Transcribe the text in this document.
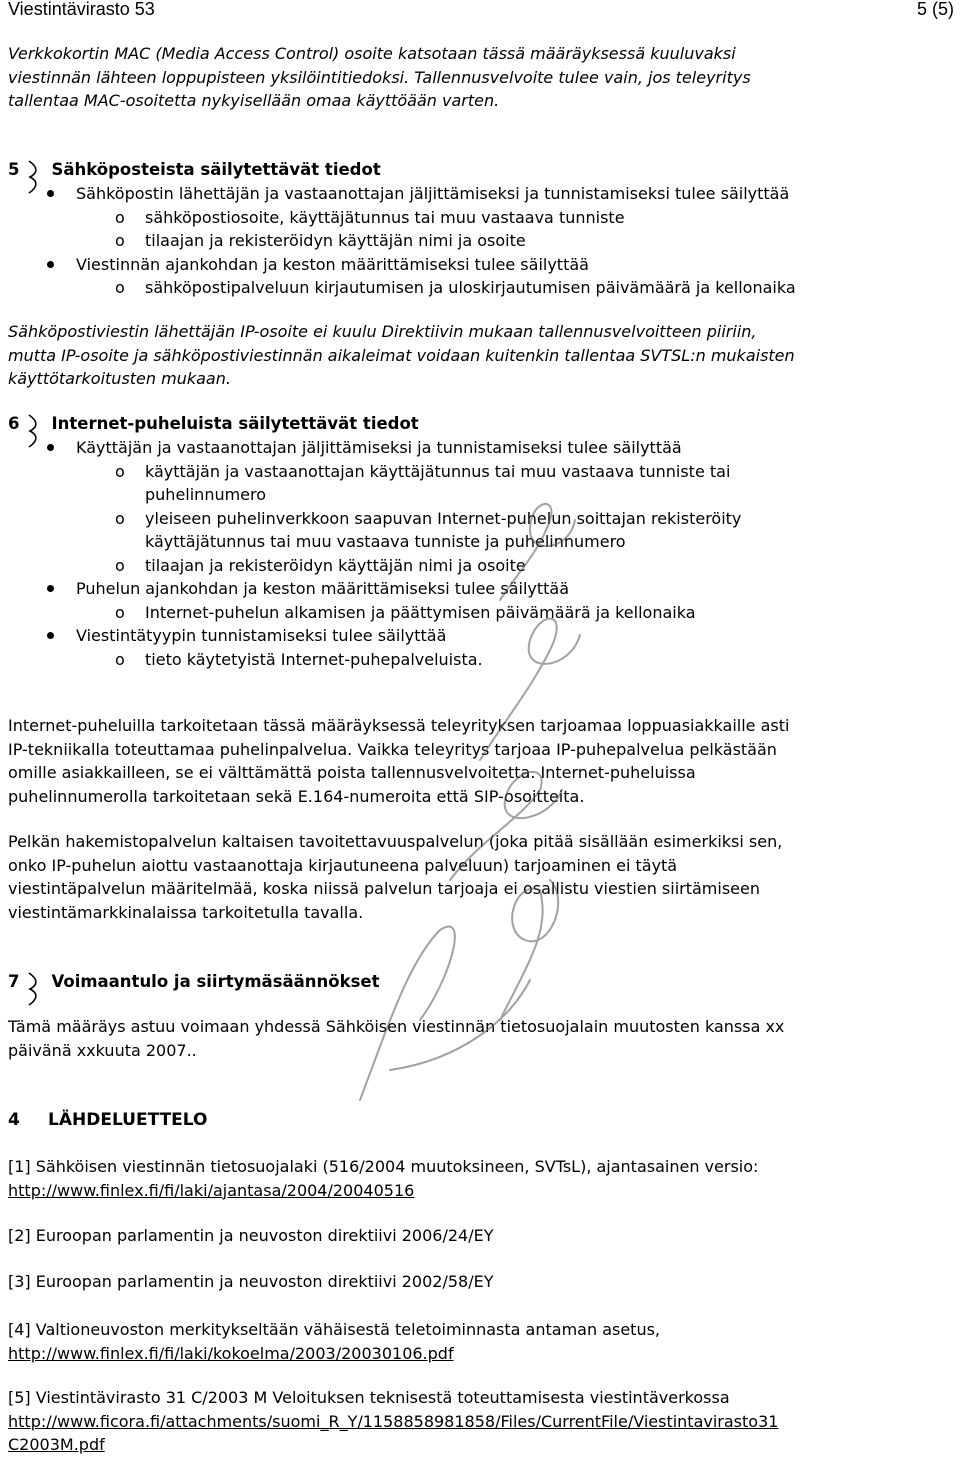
Viestintävirasto 53	5 (5)
Verkkokortin MAC (Media Access Control) osoite katsotaan tässä määräyksessä kuuluvaksi
viestinnän lähteen loppupisteen yksilöintitiedoksi. Tallennusvelvoite tulee vain, jos teleyritys
tallentaa MAC-osoitetta nykyisellään omaa käyttöään varten.
5 Sähköposteista säilytettävät tiedot
Sähköpostin lähettäjän ja vastaanottajan jäljittämiseksi ja tunnistamiseksi tulee säilyttää
o sähköpostiosoite, käyttäjätunnus tai muu vastaava tunniste
o tilaajan ja rekisteröidyn käyttäjän nimi ja osoite
Viestinnän ajankohdan ja keston määrittämiseksi tulee säilyttää
o sähköpostipalveluun kirjautumisen ja uloskirjautumisen päivämäärä ja kellonaika
Sähköpostiviestin lähettäjän IP-osoite ei kuulu Direktiivin mukaan tallennusvelvoitteen piiriin,
mutta IP-osoite ja sähköpostiviestinnän aikaleimat voidaan kuitenkin tallentaa SVTSL:n mukaisten
käyttötarkoitusten mukaan.
6 Internet-puheluista säilytettävät tiedot
Käyttäjän ja vastaanottajan jäljittämiseksi ja tunnistamiseksi tulee säilyttää
o käyttäjän ja vastaanottajan käyttäjätunnus tai muu vastaava tunniste tai
puhelinnumero
o yleiseen puhelinverkkoon saapuvan Internet-puhelun soittajan rekisteröity
käyttäjätunnus tai muu vastaava tunniste ja puhelinnumero
o tilaajan ja rekisteröidyn käyttäjän nimi ja osoite
Puhelun ajankohdan ja keston määrittämiseksi tulee säilyttää
o Internet-puhelun alkamisen ja päättymisen päivämäärä ja kellonaika
Viestintätyypin tunnistamiseksi tulee säilyttää
o tieto käytetyistä Internet-puhepalveluista.
Internet-puheluilla tarkoitetaan tässä määräyksessä teleyrityksen tarjoamaa loppuasiakkaille asti
IP-tekniikalla toteuttamaa puhelinpalvelua. Vaikka teleyritys tarjoaa IP-puhepalvelua pelkästään
omille asiakkailleen, se ei välttämättä poista tallennusvelvoitetta. Internet-puheluissa
puhelinnumerolla tarkoitetaan sekä E.164-numeroita että SIP-osoitteita.
Pelkän hakemistopalvelun kaltaisen tavoitettavuuspalvelun (joka pitää sisällään esimerkiksi sen,
onko IP-puhelun aiottu vastaanottaja kirjautuneena palveluun) tarjoaminen ei täytä
viestintäpalvelun määritelmää, koska niissä palvelun tarjoaja ei osallistu viestien siirtämiseen
viestintämarkkinalaissa tarkoitetulla tavalla.
7 Voimaantulo ja siirtymäsäännökset
Tämä määräys astuu voimaan yhdessä Sähköisen viestinnän tietosuojalain muutosten kanssa xx
päivänä xxkuuta 2007..
4 LÄHDELUETTELO
[1] Sähköisen viestinnän tietosuojalaki (516/2004 muutoksineen, SVTsL), ajantasainen versio:
http://www.finlex.fi/fi/laki/ajantasa/2004/20040516
[2] Euroopan parlamentin ja neuvoston direktiivi 2006/24/EY
[3] Euroopan parlamentin ja neuvoston direktiivi 2002/58/EY
[4] Valtioneuvoston merkitykseltään vähäisestä teletoiminnasta antaman asetus,
http://www.finlex.fi/fi/laki/kokoelma/2003/20030106.pdf
[5] Viestintävirasto 31 C/2003 M Veloituksen teknisestä toteuttamisesta viestintäverkossa
http://www.ficora.fi/attachments/suomi_R_Y/1158858981858/Files/CurrentFile/Viestintavirasto31
C2003M.pdf
